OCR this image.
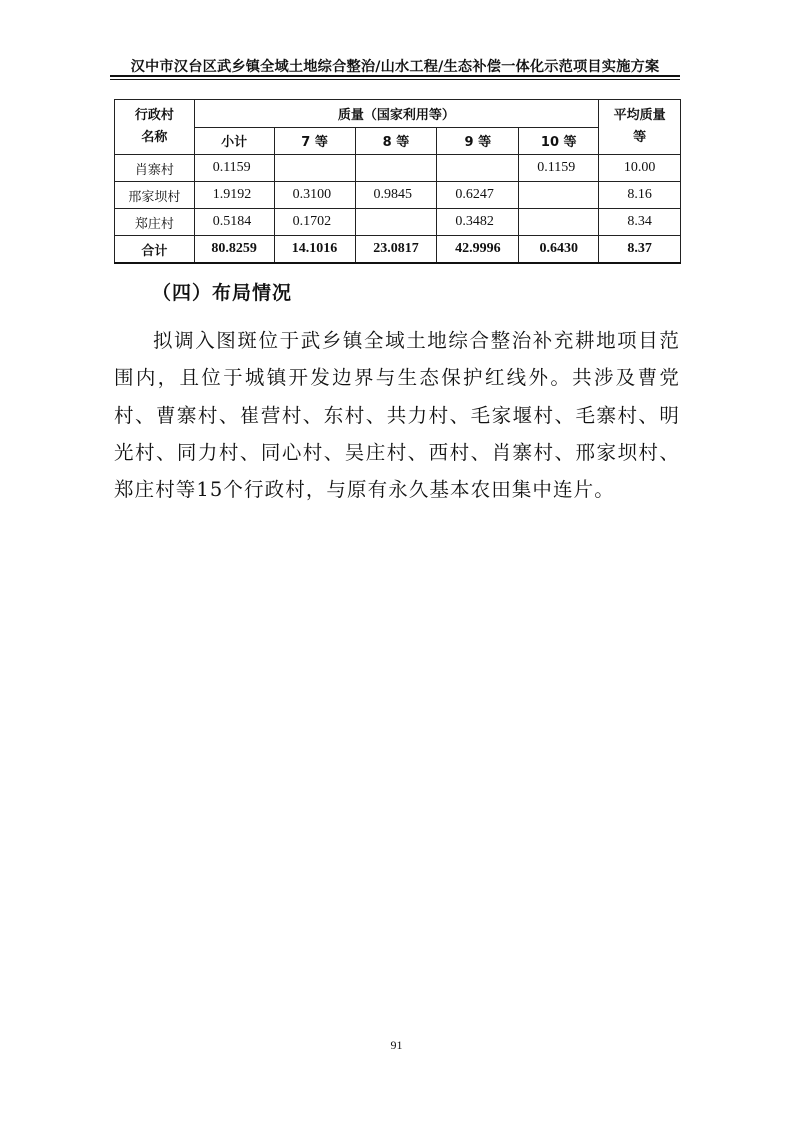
汉中市汉台区武乡镇全域土地综合整治/山水工程/生态补偿一体化示范项目实施方案
行政村
名称	质量（国家利用等）					平均质量
等
	小计	7 等	8 等	9 等	10 等	
肖寨村	0.1159				0.1159	10.00
邢家坝村	1.9192	0.3100	0.9845	0.6247		8.16
郑庄村	0.5184	0.1702		0.3482		8.34
合计	80.8259	14.1016	23.0817	42.9996	0.6430	8.37
（四）布局情况
拟调入图斑位于武乡镇全域土地综合整治补充耕地项目范围内，且位于城镇开发边界与生态保护红线外。共涉及曹党村、曹寨村、崔营村、东村、共力村、毛家堰村、毛寨村、明光村、同力村、同心村、吴庄村、西村、肖寨村、邢家坝村、郑庄村等15个行政村，与原有永久基本农田集中连片。
91
